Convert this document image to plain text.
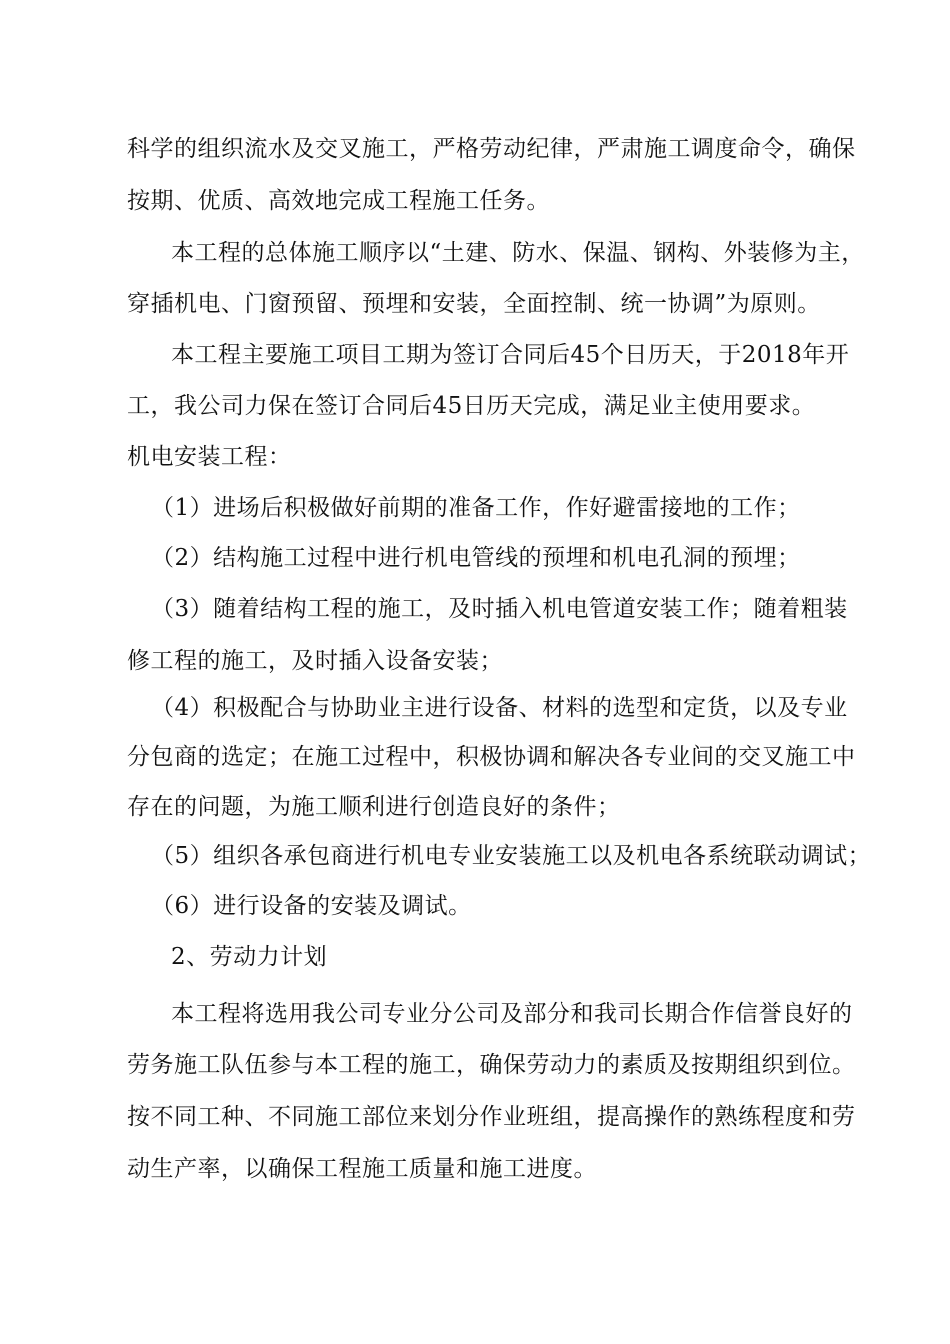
科学的组织流水及交叉施工，严格劳动纪律，严肃施工调度命令，确保
按期、优质、高效地完成工程施工任务。
本工程的总体施工顺序以“土建、防水、保温、钢构、外装修为主，
穿插机电、门窗预留、预埋和安装，全面控制、统一协调”为原则。
本工程主要施工项目工期为签订合同后45个日历天，于2018年开
工，我公司力保在签订合同后45日历天完成，满足业主使用要求。
机电安装工程：
（1）进场后积极做好前期的准备工作，作好避雷接地的工作；
（2）结构施工过程中进行机电管线的预埋和机电孔洞的预埋；
（3）随着结构工程的施工，及时插入机电管道安装工作；随着粗装
修工程的施工，及时插入设备安装；
（4）积极配合与协助业主进行设备、材料的选型和定货，以及专业
分包商的选定；在施工过程中，积极协调和解决各专业间的交叉施工中
存在的问题，为施工顺利进行创造良好的条件；
（5）组织各承包商进行机电专业安装施工以及机电各系统联动调试；
（6）进行设备的安装及调试。
2、劳动力计划
本工程将选用我公司专业分公司及部分和我司长期合作信誉良好的
劳务施工队伍参与本工程的施工，确保劳动力的素质及按期组织到位。
按不同工种、不同施工部位来划分作业班组，提高操作的熟练程度和劳
动生产率，以确保工程施工质量和施工进度。
